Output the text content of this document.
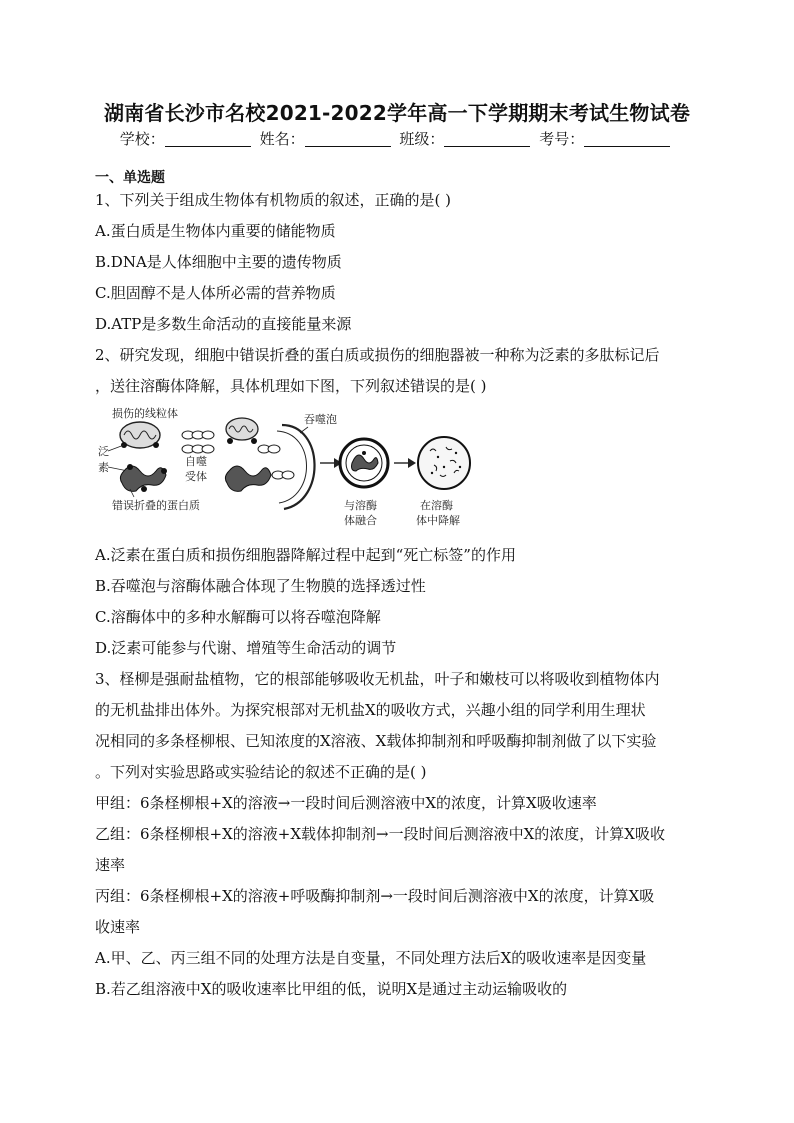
湖南省长沙市名校2021-2022学年高一下学期期末考试生物试卷
学校：	姓名：	班级：	考号：
一、单选题
1、下列关于组成生物体有机物质的叙述，正确的是( )
A.蛋白质是生物体内重要的储能物质
B.DNA是人体细胞中主要的遗传物质
C.胆固醇不是人体所必需的营养物质
D.ATP是多数生命活动的直接能量来源
2、研究发现，细胞中错误折叠的蛋白质或损伤的细胞器被一种称为泛素的多肽标记后
，送往溶酶体降解，具体机理如下图，下列叙述错误的是( )
损伤的线粒体	吞噬泡
泛
素	自噬
受体
错误折叠的蛋白质	与溶酶
体融合
在溶酶
体中降解
A.泛素在蛋白质和损伤细胞器降解过程中起到“死亡标签”的作用
B.吞噬泡与溶酶体融合体现了生物膜的选择透过性
C.溶酶体中的多种水解酶可以将吞噬泡降解
D.泛素可能参与代谢、增殖等生命活动的调节
3、柽柳是强耐盐植物，它的根部能够吸收无机盐，叶子和嫩枝可以将吸收到植物体内
的无机盐排出体外。为探究根部对无机盐X的吸收方式，兴趣小组的同学利用生理状
况相同的多条柽柳根、已知浓度的X溶液、X载体抑制剂和呼吸酶抑制剂做了以下实验
。下列对实验思路或实验结论的叙述不正确的是( )
甲组：6条柽柳根+X的溶液→一段时间后测溶液中X的浓度，计算X吸收速率
乙组：6条柽柳根+X的溶液+X载体抑制剂→一段时间后测溶液中X的浓度，计算X吸收
速率
丙组：6条柽柳根+X的溶液+呼吸酶抑制剂→一段时间后测溶液中X的浓度，计算X吸
收速率
A.甲、乙、丙三组不同的处理方法是自变量，不同处理方法后X的吸收速率是因变量
B.若乙组溶液中X的吸收速率比甲组的低，说明X是通过主动运输吸收的
